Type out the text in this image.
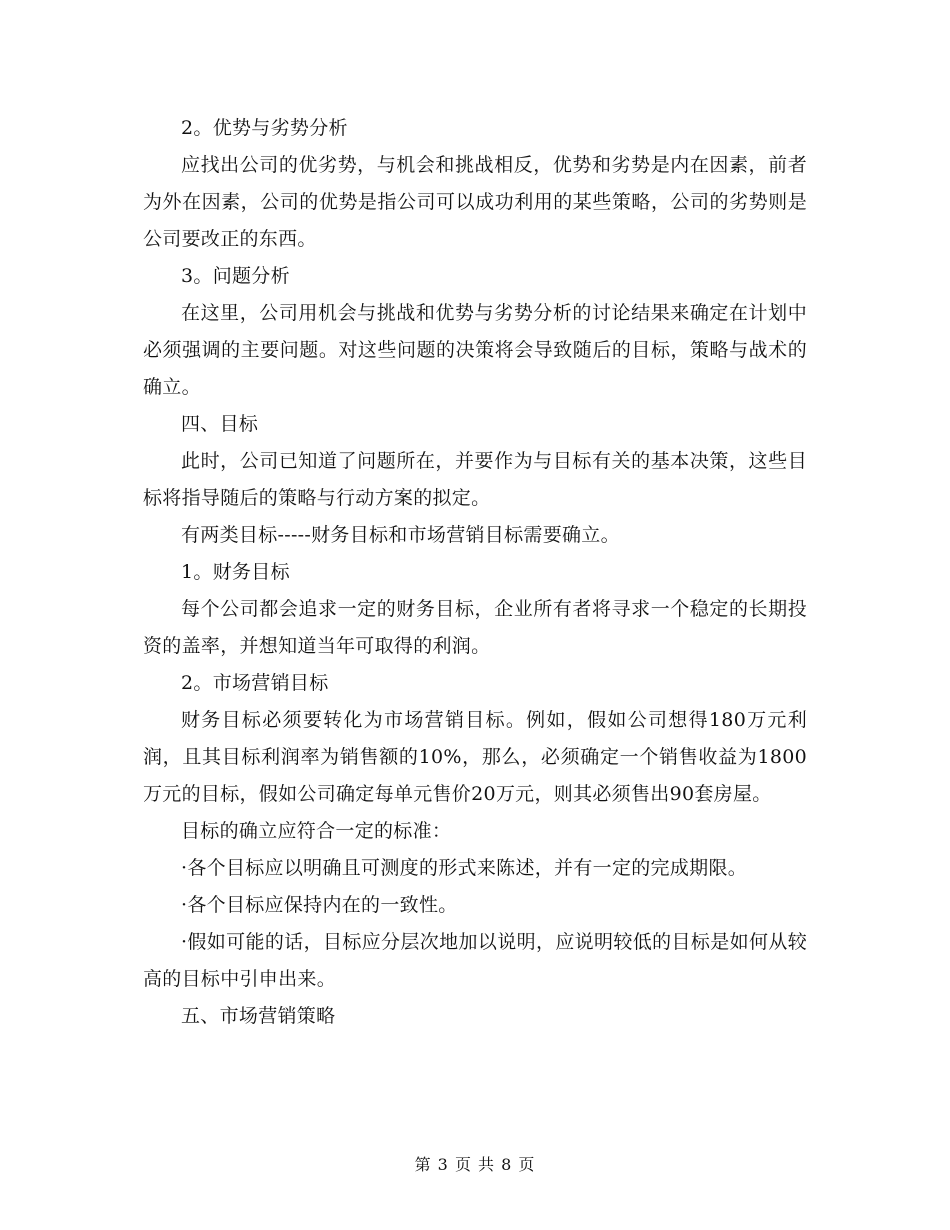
2。优势与劣势分析

应找出公司的优劣势，与机会和挑战相反，优势和劣势是内在因素，前者为外在因素，公司的优势是指公司可以成功利用的某些策略，公司的劣势则是公司要改正的东西。

3。问题分析

在这里，公司用机会与挑战和优势与劣势分析的讨论结果来确定在计划中必须强调的主要问题。对这些问题的决策将会导致随后的目标，策略与战术的确立。

四、目标

此时，公司已知道了问题所在，并要作为与目标有关的基本决策，这些目标将指导随后的策略与行动方案的拟定。

有两类目标-----财务目标和市场营销目标需要确立。

1。财务目标

每个公司都会追求一定的财务目标，企业所有者将寻求一个稳定的长期投资的盖率，并想知道当年可取得的利润。

2。市场营销目标

财务目标必须要转化为市场营销目标。例如，假如公司想得180万元利润，且其目标利润率为销售额的10%，那么，必须确定一个销售收益为1800万元的目标，假如公司确定每单元售价20万元，则其必须售出90套房屋。

目标的确立应符合一定的标准：

·各个目标应以明确且可测度的形式来陈述，并有一定的完成期限。

·各个目标应保持内在的一致性。

·假如可能的话，目标应分层次地加以说明，应说明较低的目标是如何从较高的目标中引申出来。

五、市场营销策略

第 3 页 共 8 页
